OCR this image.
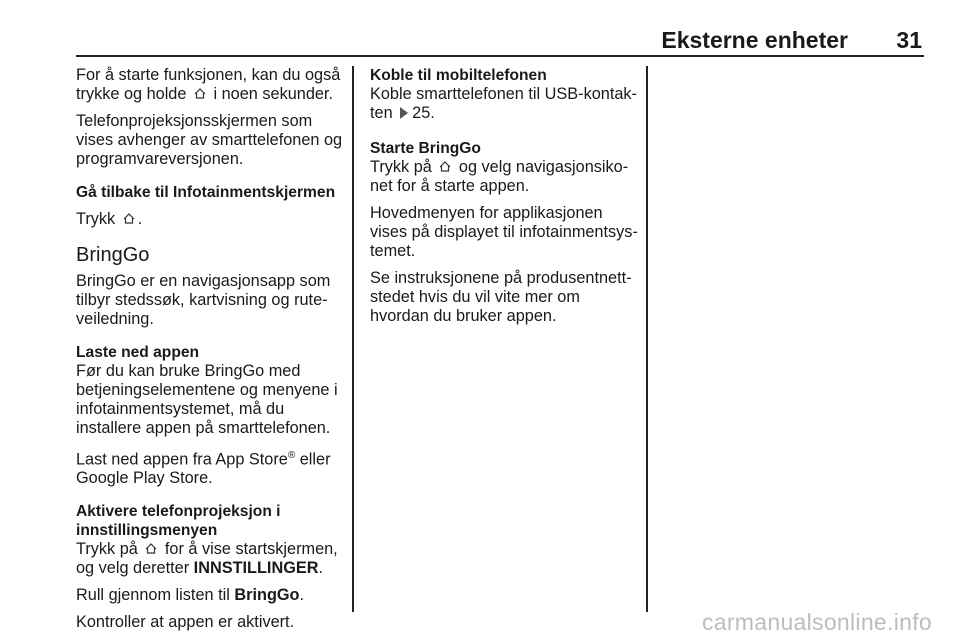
Eksterne enheter 31

For å starte funksjonen, kan du også trykke og holde i noen sekunder.

Telefonprojeksjonsskjermen som vises avhenger av smarttelefonen og programvareversjonen.

Gå tilbake til Infotainmentskjermen

Trykk .

BringGo

BringGo er en navigasjonsapp som tilbyr stedssøk, kartvisning og ruteveiledning.

Laste ned appen

Før du kan bruke BringGo med betjeningselementene og menyene i infotainmentsystemet, må du installere appen på smarttelefonen.

Last ned appen fra App Store® eller Google Play Store.

Aktivere telefonprojeksjon i innstillingsmenyen

Trykk på for å vise startskjermen, og velg deretter INNSTILLINGER.

Rull gjennom listen til BringGo.

Kontroller at appen er aktivert.

Koble til mobiltelefonen

Koble smarttelefonen til USB-kontakten 25.

Starte BringGo

Trykk på og velg navigasjonsikonet for å starte appen.

Hovedmenyen for applikasjonen vises på displayet til infotainmentsystemet.

Se instruksjonene på produsentnettstedet hvis du vil vite mer om hvordan du bruker appen.

carmanualsonline.info
